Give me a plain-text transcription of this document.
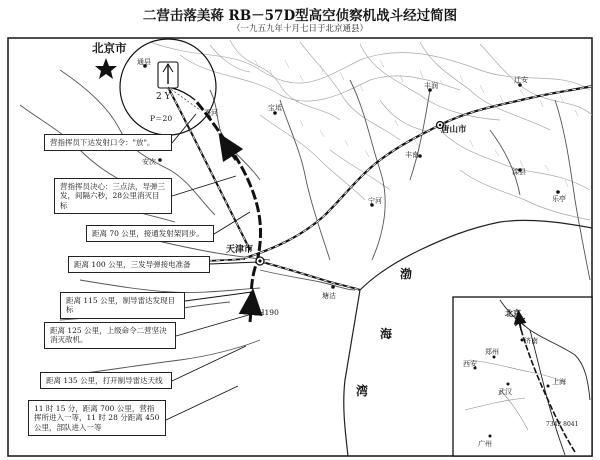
2 Y
P＝20
H190
北京市
天津市
唐山市
通县
香河
宝坻
安次
丰南
丰润
宁河
塘沽
滦县
乐亭
迁安
渤
海
湾
北京
西安
郑州
济南
武汉
上海
广州
7342 8041
二营击落美蒋 RB－57D型高空侦察机战斗经过简图
（一九五九年十月七日于北京通县）
营指挥员下达发射口令："放"。
营指挥员决心：三点法，导弹三发，间隔六秒，28公里消灭目标
距离 70 公里，接通发射架同步。
距离 100 公里，三发导弹接电准备
距离 115 公里，制导雷达发现目标
距离 125 公里，上级命令二营坚决消灭敌机。
距离 135 公里，打开制导雷达天线
11 时 15 分，距离 700 公里，营指挥所进入一等，11 时 28 分距离 450 公里，部队进入一等
